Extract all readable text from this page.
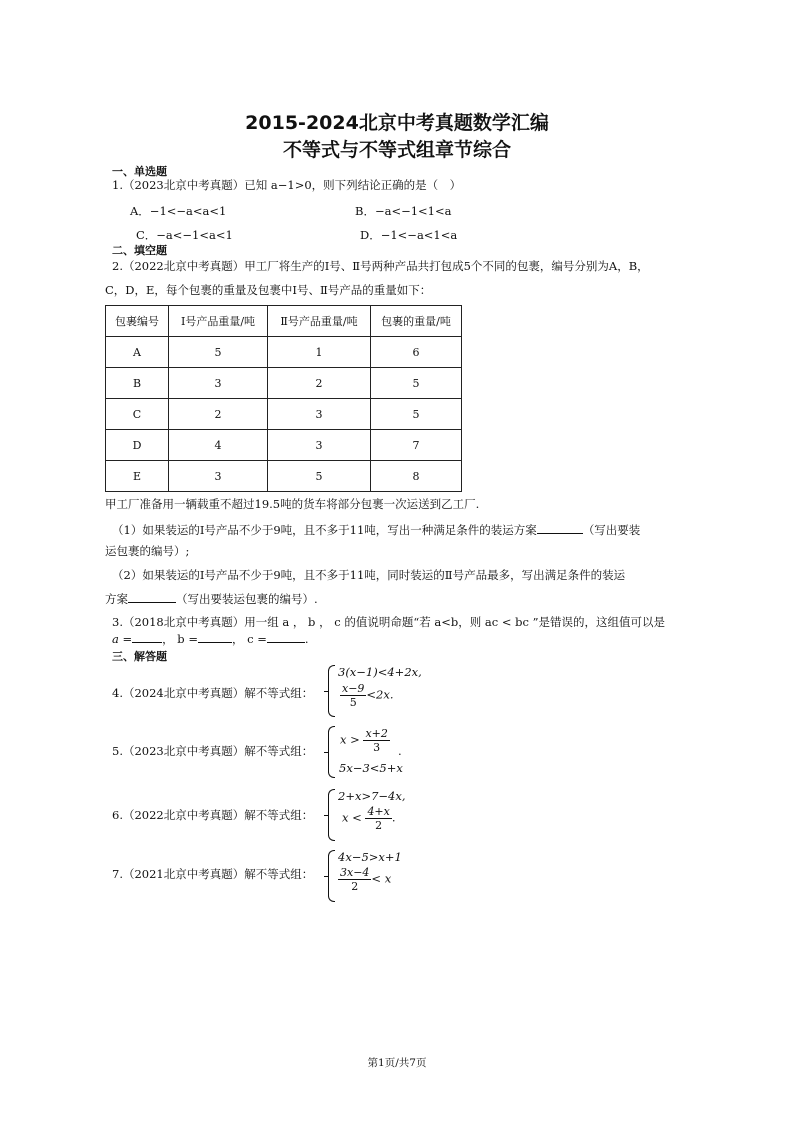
2015-2024北京中考真题数学汇编
不等式与不等式组章节综合
一、单选题
1.（2023北京中考真题）已知 a−1>0，则下列结论正确的是（　）
A．−1<−a<a<1	B．−a<−1<1<a
C．−a<−1<a<1	D．−1<−a<1<a
二、填空题
2.（2022北京中考真题）甲工厂将生产的Ⅰ号、Ⅱ号两种产品共打包成5个不同的包裹，编号分别为A，B，
C，D，E，每个包裹的重量及包裹中Ⅰ号、Ⅱ号产品的重量如下：
包裹编号	Ⅰ号产品重量/吨	Ⅱ号产品重量/吨	包裹的重量/吨
A	5	1	6
B	3	2	5
C	2	3	5
D	4	3	7
E	3	5	8
甲工厂准备用一辆载重不超过19.5吨的货车将部分包裹一次运送到乙工厂.
（1）如果装运的Ⅰ号产品不少于9吨，且不多于11吨，写出一种满足条件的装运方案	（写出要装
运包裹的编号）;
（2）如果装运的Ⅰ号产品不少于9吨，且不多于11吨，同时装运的Ⅱ号产品最多，写出满足条件的装运
方案	（写出要装运包裹的编号）.
3.（2018北京中考真题）用一组 a ， b ， c 的值说明命题“若 a<b，则 ac < bc ”是错误的，这组值可以是
a =	， b =	， c =	.
三、解答题
4.（2024北京中考真题）解不等式组：
3(x−1)<4+2x,
$\frac{x-9}{5} <2x$.
5.（2023北京中考真题）解不等式组：
$x > \frac{x+2}{3}$ .
5x−3<5+x
6.（2022北京中考真题）解不等式组：
2+x>7−4x,
$x < \frac{4+x}{2}$ .
7.（2021北京中考真题）解不等式组：
4x−5>x+1
$\frac{3x-4}{2} < x$
第1页/共7页
